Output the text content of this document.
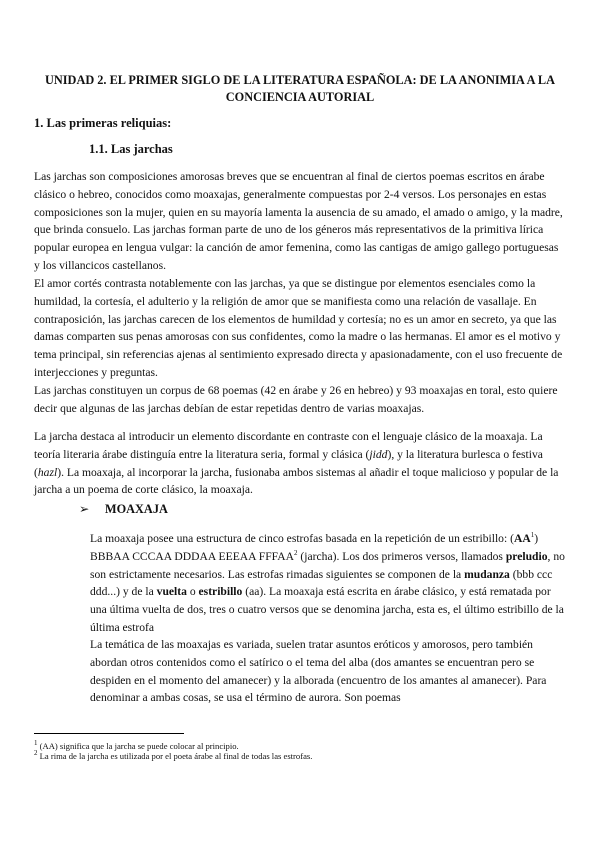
UNIDAD 2. EL PRIMER SIGLO DE LA LITERATURA ESPAÑOLA: DE LA ANONIMIA A LA CONCIENCIA AUTORIAL
1. Las primeras reliquias:
1.1. Las jarchas

Las jarchas son composiciones amorosas breves que se encuentran al final de ciertos poemas escritos en árabe clásico o hebreo, conocidos como moaxajas, generalmente compuestas por 2-4 versos. Los personajes en estas composiciones son la mujer, quien en su mayoría lamenta la ausencia de su amado, el amado o amigo, y la madre, que brinda consuelo. Las jarchas forman parte de uno de los géneros más representativos de la primitiva lírica popular europea en lengua vulgar: la canción de amor femenina, como las cantigas de amigo gallego portuguesas y los villancicos castellanos.

El amor cortés contrasta notablemente con las jarchas, ya que se distingue por elementos esenciales como la humildad, la cortesía, el adulterio y la religión de amor que se manifiesta como una relación de vasallaje. En contraposición, las jarchas carecen de los elementos de humildad y cortesía; no es un amor en secreto, ya que las damas comparten sus penas amorosas con sus confidentes, como la madre o las hermanas. El amor es el motivo y tema principal, sin referencias ajenas al sentimiento expresado directa y apasionadamente, con el uso frecuente de interjecciones y preguntas.

Las jarchas constituyen un corpus de 68 poemas (42 en árabe y 26 en hebreo) y 93 moaxajas en toral, esto quiere decir que algunas de las jarchas debían de estar repetidas dentro de varias moaxajas.

La jarcha destaca al introducir un elemento discordante en contraste con el lenguaje clásico de la moaxaja. La teoría literaria árabe distinguía entre la literatura seria, formal y clásica (jidd), y la literatura burlesca o festiva (hazl). La moaxaja, al incorporar la jarcha, fusionaba ambos sistemas al añadir el toque malicioso y popular de la jarcha a un poema de corte clásico, la moaxaja.

➢ MOAXAJA

La moaxaja posee una estructura de cinco estrofas basada en la repetición de un estribillo: $(AA^1)$ BBBAA CCCAA DDDAA EEEAA FFFAA$^2$ (jarcha). Los dos primeros versos, llamados preludio, no son estrictamente necesarios. Las estrofas rimadas siguientes se componen de la mudanza (bbb ccc ddd...) y de la vuelta o estribillo (aa). La moaxaja está escrita en árabe clásico, y está rematada por una última vuelta de dos, tres o cuatro versos que se denomina jarcha, esta es, el último estribillo de la última estrofa

La temática de las moaxajas es variada, suelen tratar asuntos eróticos y amorosos, pero también abordan otros contenidos como el satírico o el tema del alba (dos amantes se encuentran pero se despiden en el momento del amanecer) y la alborada (encuentro de los amantes al amanecer). Para denominar a ambas cosas, se usa el término de aurora. Son poemas

$^1$ (AA) significa que la jarcha se puede colocar al principio.

$^2$ La rima de la jarcha es utilizada por el poeta árabe al final de todas las estrofas.
